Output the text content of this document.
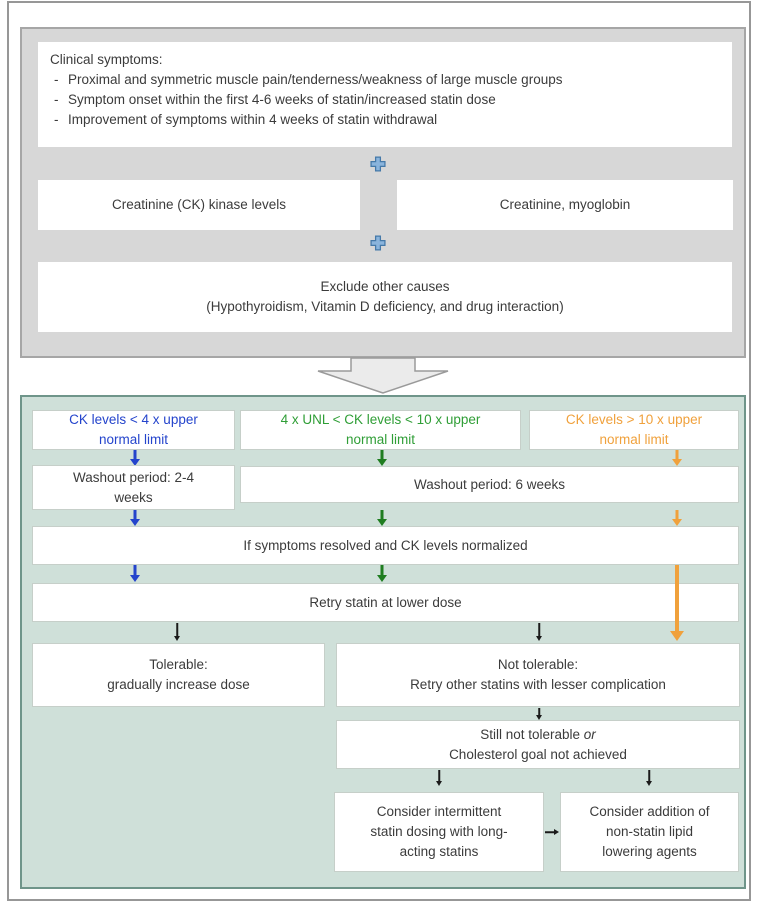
Clinical symptoms:
- Proximal and symmetric muscle pain/tenderness/weakness of large muscle groups
- Symptom onset within the first 4-6 weeks of statin/increased statin dose
- Improvement of symptoms within 4 weeks of statin withdrawal
Creatinine (CK) kinase levels	Creatinine, myoglobin
Exclude other causes
(Hypothyroidism, Vitamin D deficiency, and drug interaction)
CK levels < 4 x upper
normal limit
4 x UNL < CK levels < 10 x upper
normal limit
CK levels > 10 x upper
normal limit
Washout period: 2-4
weeks
Washout period: 6 weeks
If symptoms resolved and CK levels normalized
Retry statin at lower dose
Tolerable:
gradually increase dose
Not tolerable:
Retry other statins with lesser complication
Still not tolerable or
Cholesterol goal not achieved
Consider intermittent
statin dosing with long-
acting statins
Consider addition of
non-statin lipid
lowering agents
